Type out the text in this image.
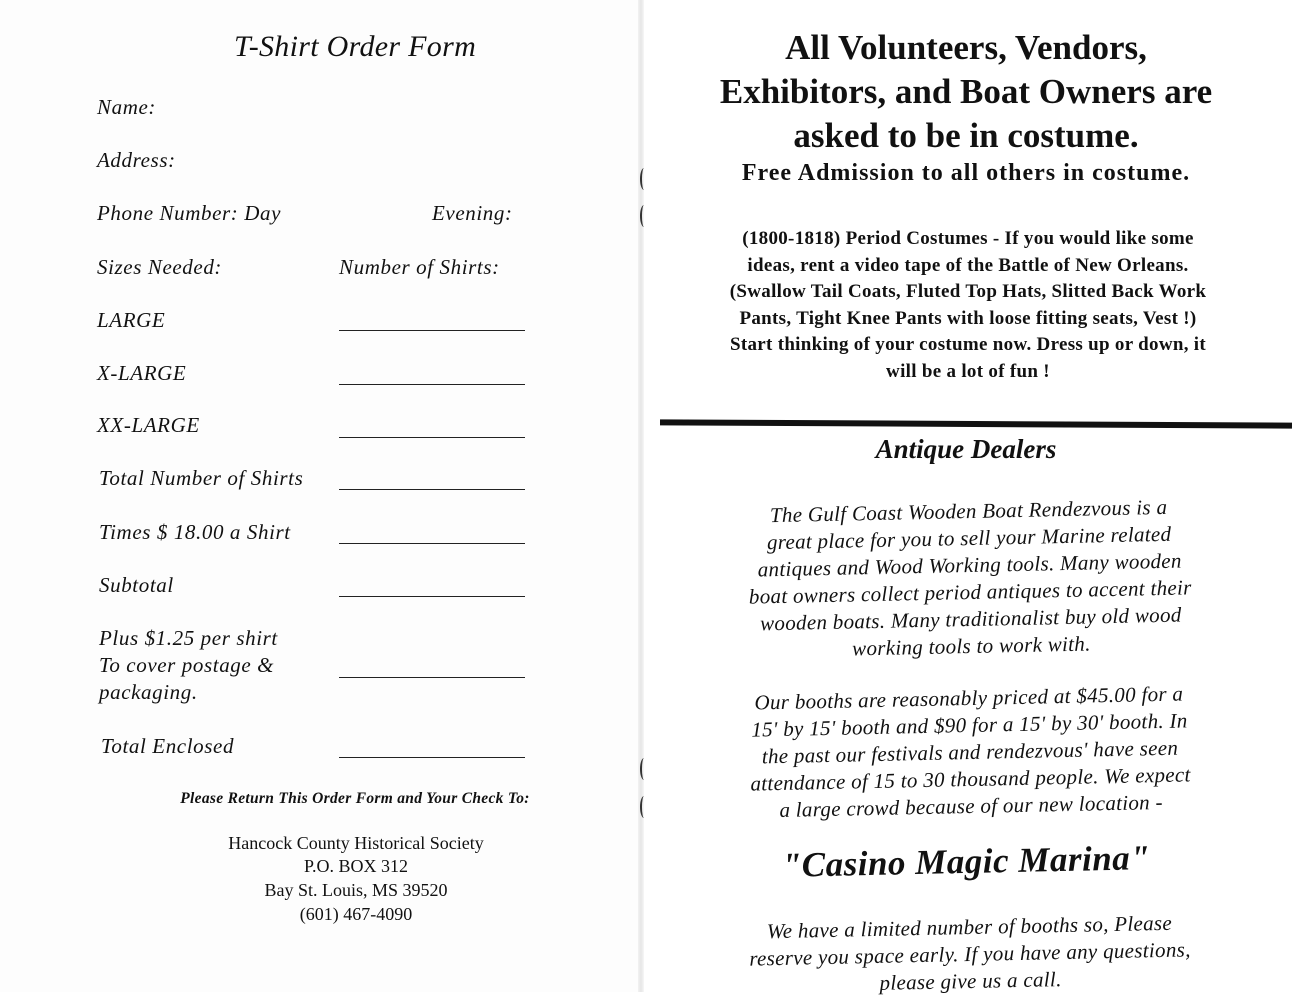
T-Shirt Order Form
Name:
Address:
Phone Number: Day	Evening:
Sizes Needed:	Number of Shirts:
LARGE
X-LARGE
XX-LARGE
Total Number of Shirts
Times $ 18.00 a Shirt
Subtotal
Plus $1.25 per shirt
To cover postage &
packaging.
Total Enclosed
Please Return This Order Form and Your Check To:
Hancock County Historical Society
P.O. BOX 312
Bay St. Louis, MS 39520
(601) 467-4090
All Volunteers, Vendors,
Exhibitors, and Boat Owners are
asked to be in costume.
Free Admission to all others in costume.
(1800-1818) Period Costumes - If you would like some
ideas, rent a video tape of the Battle of New Orleans.
(Swallow Tail Coats, Fluted Top Hats, Slitted Back Work
Pants, Tight Knee Pants with loose fitting seats, Vest !)
Start thinking of your costume now. Dress up or down, it
will be a lot of fun !
Antique Dealers
The Gulf Coast Wooden Boat Rendezvous is a
great place for you to sell your Marine related
antiques and Wood Working tools. Many wooden
boat owners collect period antiques to accent their
wooden boats. Many traditionalist buy old wood
working tools to work with.
Our booths are reasonably priced at $45.00 for a
15' by 15' booth and $90 for a 15' by 30' booth. In
the past our festivals and rendezvous' have seen
attendance of 15 to 30 thousand people. We expect
a large crowd because of our new location -
"Casino Magic Marina"
We have a limited number of booths so, Please
reserve you space early. If you have any questions,
please give us a call.
